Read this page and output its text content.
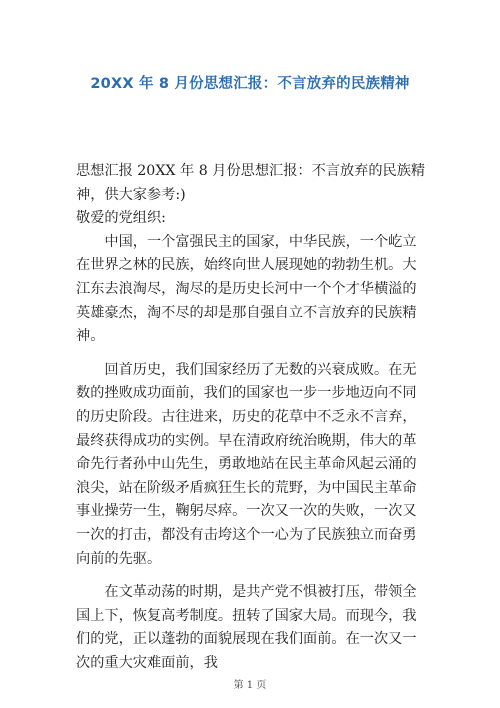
20XX 年 8 月份思想汇报：不言放弃的民族精神

思想汇报 20XX 年 8 月份思想汇报：不言放弃的民族精神，供大家参考:)

敬爱的党组织:

中国，一个富强民主的国家，中华民族，一个屹立在世界之林的民族，始终向世人展现她的勃勃生机。大江东去浪淘尽，淘尽的是历史长河中一个个才华横溢的英雄豪杰，淘不尽的却是那自强自立不言放弃的民族精神。

回首历史，我们国家经历了无数的兴衰成败。在无数的挫败成功面前，我们的国家也一步一步地迈向不同的历史阶段。古往进来，历史的花草中不乏永不言弃，最终获得成功的实例。早在清政府统治晚期，伟大的革命先行者孙中山先生，勇敢地站在民主革命风起云涌的浪尖，站在阶级矛盾疯狂生长的荒野，为中国民主革命事业操劳一生，鞠躬尽瘁。一次又一次的失败，一次又一次的打击，都没有击垮这个一心为了民族独立而奋勇向前的先驱。

在文革动荡的时期，是共产党不惧被打压，带领全国上下，恢复高考制度。扭转了国家大局。而现今，我们的党，正以蓬勃的面貌展现在我们面前。在一次又一次的重大灾难面前，我

第 1 页
